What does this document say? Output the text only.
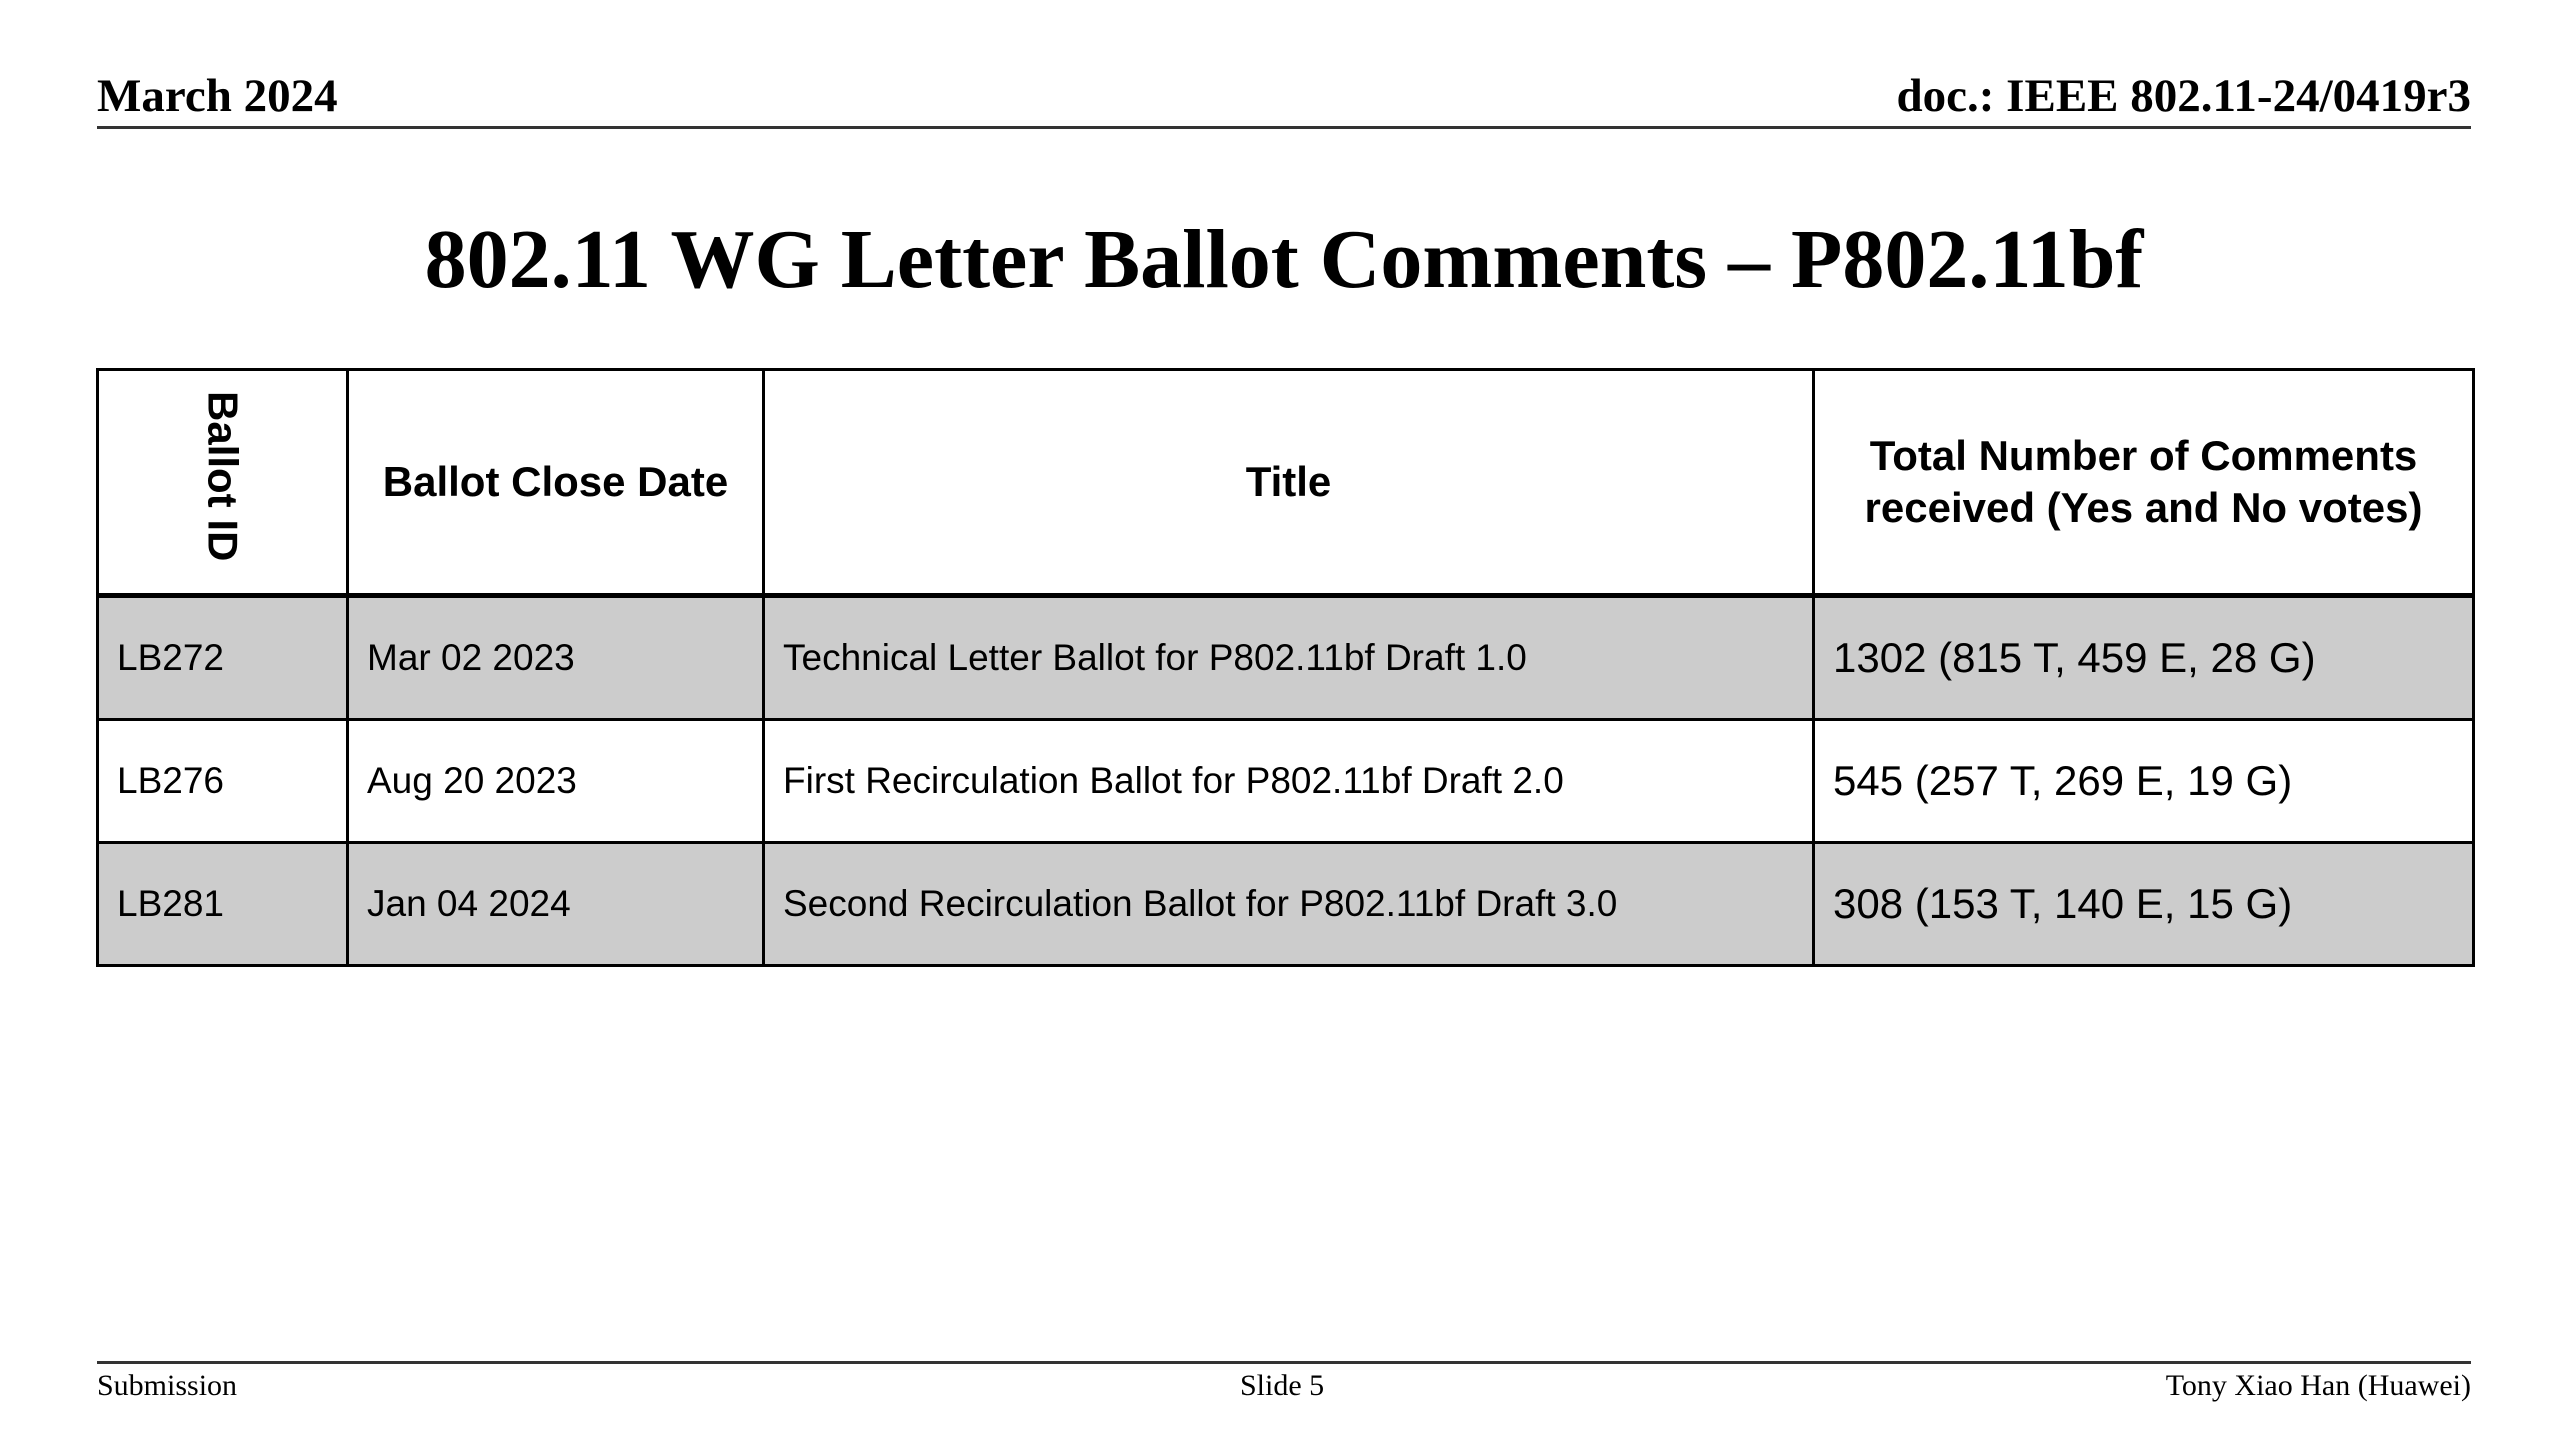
March 2024	doc.: IEEE 802.11-24/0419r3
802.11 WG Letter Ballot Comments – P802.11bf
Ballot ID	Ballot Close Date	Title	Total Number of Comments received (Yes and No votes)
LB272	Mar 02 2023	Technical Letter Ballot for P802.11bf Draft 1.0	1302 (815 T, 459 E, 28 G)
LB276	Aug 20 2023	First Recirculation Ballot for P802.11bf Draft 2.0	545 (257 T, 269 E, 19 G)
LB281	Jan 04 2024	Second Recirculation Ballot for P802.11bf Draft 3.0	308 (153 T, 140 E, 15 G)
Submission	Slide 5	Tony Xiao Han (Huawei)
